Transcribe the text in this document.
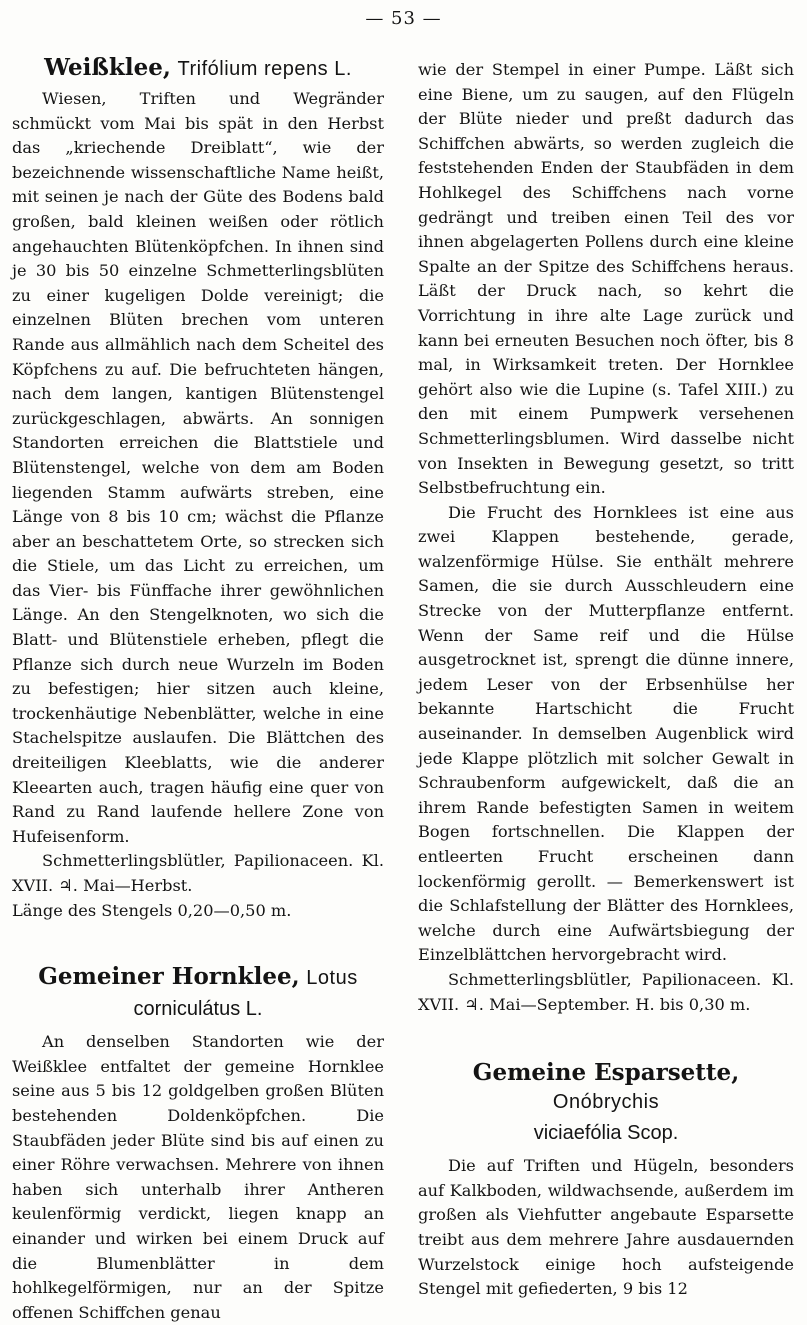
— 53 —
Weißklee, Trifólium repens L.

Wiesen, Triften und Wegränder schmückt vom Mai bis spät in den Herbst das „kriechende Dreiblatt“, wie der bezeichnende wissenschaftliche Name heißt, mit seinen je nach der Güte des Bodens bald großen, bald kleinen weißen oder rötlich angehauchten Blütenköpfchen. In ihnen sind je 30 bis 50 einzelne Schmetterlingsblüten zu einer kugeligen Dolde vereinigt; die einzelnen Blüten brechen vom unteren Rande aus allmählich nach dem Scheitel des Köpfchens zu auf. Die befruchteten hängen, nach dem langen, kantigen Blütenstengel zurückgeschlagen, abwärts. An sonnigen Standorten erreichen die Blattstiele und Blütenstengel, welche von dem am Boden liegenden Stamm aufwärts streben, eine Länge von 8 bis 10 cm; wächst die Pflanze aber an beschattetem Orte, so strecken sich die Stiele, um das Licht zu erreichen, um das Vier- bis Fünffache ihrer gewöhnlichen Länge. An den Stengelknoten, wo sich die Blatt- und Blütenstiele erheben, pflegt die Pflanze sich durch neue Wurzeln im Boden zu befestigen; hier sitzen auch kleine, trockenhäutige Nebenblätter, welche in eine Stachelspitze auslaufen. Die Blättchen des dreiteiligen Kleeblatts, wie die anderer Kleearten auch, tragen häufig eine quer von Rand zu Rand laufende hellere Zone von Hufeisenform.

Schmetterlingsblütler, Papilionaceen. Kl. XVII. ♃. Mai—Herbst.

Länge des Stengels 0,20—0,50 m.

Gemeiner Hornklee, Lotus
corniculátus L.

An denselben Standorten wie der Weißklee entfaltet der gemeine Hornklee seine aus 5 bis 12 goldgelben großen Blüten bestehenden Doldenköpfchen. Die Staubfäden jeder Blüte sind bis auf einen zu einer Röhre verwachsen. Mehrere von ihnen haben sich unterhalb ihrer Antheren keulenförmig verdickt, liegen knapp an einander und wirken bei einem Druck auf die Blumenblätter in dem hohlkegelförmigen, nur an der Spitze offenen Schiffchen genau

wie der Stempel in einer Pumpe. Läßt sich eine Biene, um zu saugen, auf den Flügeln der Blüte nieder und preßt dadurch das Schiffchen abwärts, so werden zugleich die feststehenden Enden der Staubfäden in dem Hohlkegel des Schiffchens nach vorne gedrängt und treiben einen Teil des vor ihnen abgelagerten Pollens durch eine kleine Spalte an der Spitze des Schiffchens heraus. Läßt der Druck nach, so kehrt die Vorrichtung in ihre alte Lage zurück und kann bei erneuten Besuchen noch öfter, bis 8 mal, in Wirksamkeit treten. Der Hornklee gehört also wie die Lupine (s. Tafel XIII.) zu den mit einem Pumpwerk versehenen Schmetterlingsblumen. Wird dasselbe nicht von Insekten in Bewegung gesetzt, so tritt Selbstbefruchtung ein.

Die Frucht des Hornklees ist eine aus zwei Klappen bestehende, gerade, walzenförmige Hülse. Sie enthält mehrere Samen, die sie durch Ausschleudern eine Strecke von der Mutterpflanze entfernt. Wenn der Same reif und die Hülse ausgetrocknet ist, sprengt die dünne innere, jedem Leser von der Erbsenhülse her bekannte Hartschicht die Frucht auseinander. In demselben Augenblick wird jede Klappe plötzlich mit solcher Gewalt in Schraubenform aufgewickelt, daß die an ihrem Rande befestigten Samen in weitem Bogen fortschnellen. Die Klappen der entleerten Frucht erscheinen dann lockenförmig gerollt. — Bemerkenswert ist die Schlafstellung der Blätter des Hornklees, welche durch eine Aufwärtsbiegung der Einzelblättchen hervorgebracht wird.

Schmetterlingsblütler, Papilionaceen. Kl. XVII. ♃. Mai—September. H. bis 0,30 m.

Gemeine Esparsette, Onóbrychis
viciaefólia Scop.

Die auf Triften und Hügeln, besonders auf Kalkboden, wildwachsende, außerdem im großen als Viehfutter angebaute Esparsette treibt aus dem mehrere Jahre ausdauernden Wurzelstock einige hoch aufsteigende Stengel mit gefiederten, 9 bis 12
